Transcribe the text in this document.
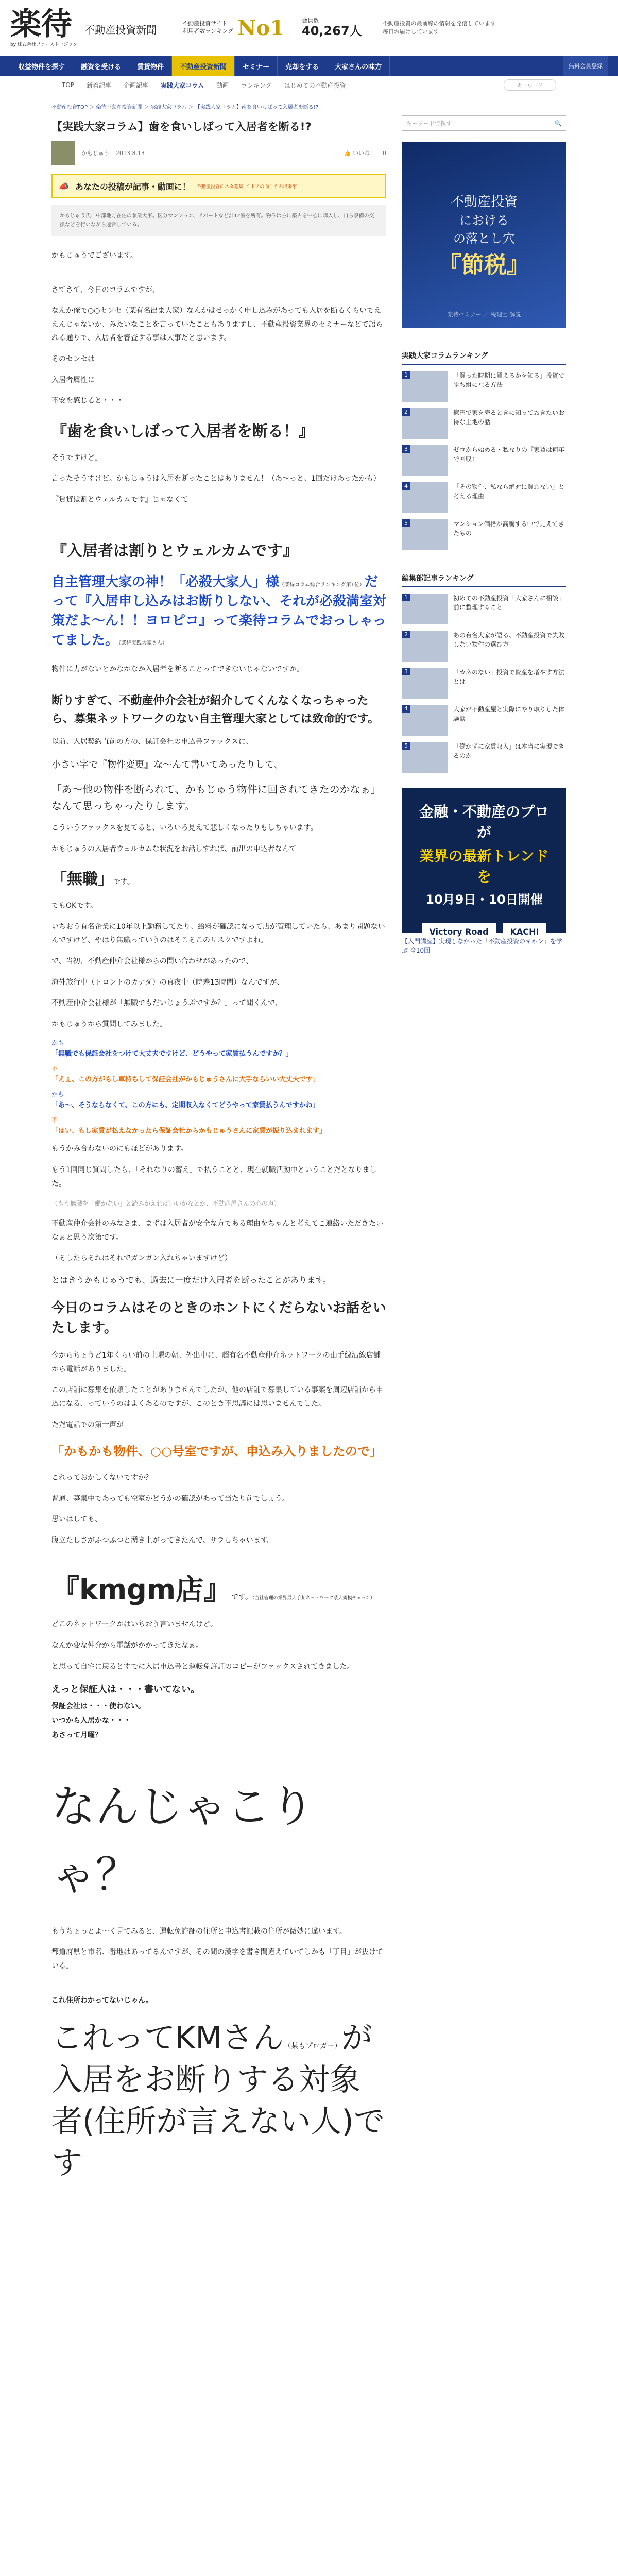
楽待
by 株式会社ファーストロジック
不動産投資新聞	不動産投資サイト
利用者数ランキング No1	会員数
40,267人
不動産投資の最前線の情報を発信しています
毎日お届けしています
収益物件を探す	融資を受ける	賃貸物件	不動産投資新聞	セミナー	売却をする	大家さんの味方	無料会員登録
TOP 新着記事 企画記事 実践大家コラム 動画 ランキング はじめての不動産投資	キーワード
不動産投資TOP ＞ 楽待不動産投資新聞 ＞ 実践大家コラム ＞ 【実践大家コラム】歯を食いしばって入居者を断る!?
【実践大家コラム】歯を食いしばって入居者を断る!?
かもじゅう 2013.8.13	👍 いいね！ 0
📣 あなたの投稿が記事・動画に！ 不動産投資のネタ募集 ／ ドアの向こうの出来事
かもじゅう氏：中部地方在住の兼業大家。区分マンション、アパートなど計12室を所有。物件は主に築古を中心に購入し、自ら設備の交換などを行いながら運営している。
かもじゅうでございます。
さてさて、今日のコラムですが、
なんか俺で○○センセ（某有名出ま大家）なんかはせっかく申し込みがあっても入居を断るくらいでええんじゃないか、みたいなことを言っていたこともありますし、不動産投資業界のセミナーなどで語られる通りで、入居者を審査する事は大事だと思います。
そのセンセは
入居者属性に
不安を感じると・・・
『歯を食いしばって入居者を断る！』
そうですけど。
言ったそうすけど。かもじゅうは入居を断ったことはありません！（あ～っと、1回だけあったかも）
『賃貸は割とウェルカムです』じゃなくて
『入居者は割りとウェルカムです』
自主管理大家の神！「必殺大家人」様（楽待コラム総合ランキング第1位）だって『入居申し込みはお断りしない、それが必殺満室対策だよ～ん！！ヨロピコ』って楽待コラムでおっしゃってました。（楽待実践大家さん）
物件に力がないとかなかなか入居者を断ることってできないじゃないですか。
断りすぎて、不動産仲介会社が紹介してくんなくなっちゃったら、募集ネットワークのない自主管理大家としては致命的です。
以前、入居契約直前の方の、保証会社の申込書ファックスに、
小さい字で『物件変更』な～んて書いてあったりして、
「あ～他の物件を断られて、かもじゅう物件に回されてきたのかなぁ」なんて思っちゃったりします。
こういうファックスを見てると、いろいろ見えて悲しくなったりもしちゃいます。
かもじゅうの入居者ウェルカムな状況をお話しすれば、前出の申込者なんて
「無職」です。
でもOKです。
いちおう有名企業に10年以上勤務してたり、給料が確認になって店が管理していたら、あまり問題ないんですけど、やはり無職っていうのはそこそこのリスクですよね。
で、当初、不動産仲介会社様からの問い合わせがあったので、
海外旅行中（トロントのカナダ）の真夜中（時差13時間）なんですが、
不動産仲介会社様が「無職でもだいじょうぶですか？」って聞くんで、
かもじゅうから質問してみました。
かも
「無職でも保証会社をつけて大丈夫ですけど、どうやって家賃払うんですか？」
不
「えぇ、この方がもし車持ちして保証会社がかもじゅうさんに大手ならいい大丈夫です」
かも
「あ～、そうならなくて、この方にも、定期収入なくてどうやって家賃払うんですかね」
不
「はい、もし家賃が払えなかったら保証会社からかもじゅうさんに家賃が振り込まれます」
もうかみ合わないのにもほどがあります。
もう1回同じ質問したら、「それなりの蓄え」で払うことと、現在就職活動中ということだとなりました。
（もう無職を「働かない」と読みかえればいいかなとか、不動産屋さんの心の声）
不動産仲介会社のみなさま、まずは入居者が安全な方である理由をちゃんと考えてこ連絡いただきたいなぁと思う次第です。
（そしたらそれはそれでガンガン入れちゃいますけど）
とはきうかもじゅうでも、過去に一度だけ入居者を断ったことがあります。
今日のコラムはそのときのホントにくだらないお話をいたします。
今からちょうど1年くらい前の土曜の朝、外出中に、超有名不動産仲介ネットワークの山手線沿線店舗から電話がありました。
この店舗に募集を依頼したことがありませんでしたが、他の店舗で募集している事案を周辺店舗から申込になる、っていうのはよくあるのですが、このとき不思議には思いませんでした。
ただ電話での第一声が
「かもかも物件、○○号室ですが、申込み入りましたので」
これっておかしくないですか？
普通、募集中であっても空室かどうかの確認があって当たり前でしょう。
思いはしても、
腹立たしさがふつふつと湧き上がってきたんで、サラしちゃいます。
『kmgm店』です。（当社管理の業界最大手某ネットワーク系大規模チェーン）
どこのネットワークかはいちおう言いませんけど。
なんか変な仲介から電話がかかってきたなぁ。
と思って自宅に戻るとすでに入居申込書と運転免許証のコピーがファックスされてきました。
えっと保証人は・・・書いてない。
保証会社は・・・使わない。
いつから入居かな・・・
あさって月曜？
なんじゃこりゃ？
もうちょっとよ～く見てみると、運転免許証の住所と申込書記載の住所が微妙に違います。
都道府県と市名、番地はあってるんですが、その間の漢字を書き間違えていてしかも「丁目」が抜けている。
これ住所わかってないじゃん。
これってKMさん（某もプロガー）が入居をお断りする対象者(住所が言えない人)です
キーワードで探す	🔍
不動産投資
における
の落とし穴
『節税』
楽待セミナー ／ 税理士 解説
実践大家コラムランキング
1	「買った時期に買えるかを知る」投資で勝ち組になる方法
2	億円で家を売るときに知っておきたいお得な土地の話
3	ゼロから始める・私なりの『家賃は何年で回収』
4	「その物件、私なら絶対に買わない」と考える理由
5	マンション価格が高騰する中で見えてきたもの
編集部記事ランキング
1	初めての不動産投資「大家さんに相談」前に整理すること
2	あの有名大家が語る、不動産投資で失敗しない物件の選び方
3	「カネのない」投資で資産を増やす方法とは
4	大家が不動産屋と実際にやり取りした体験談
5	「働かずに家賃収入」は本当に実現できるのか
金融・不動産のプロが
業界の最新トレンドを
10月9日・10日開催
Victory Road	KACHI
【入門講座】実現しなかった「不動産投資のキホン」を学ぶ 全10回
